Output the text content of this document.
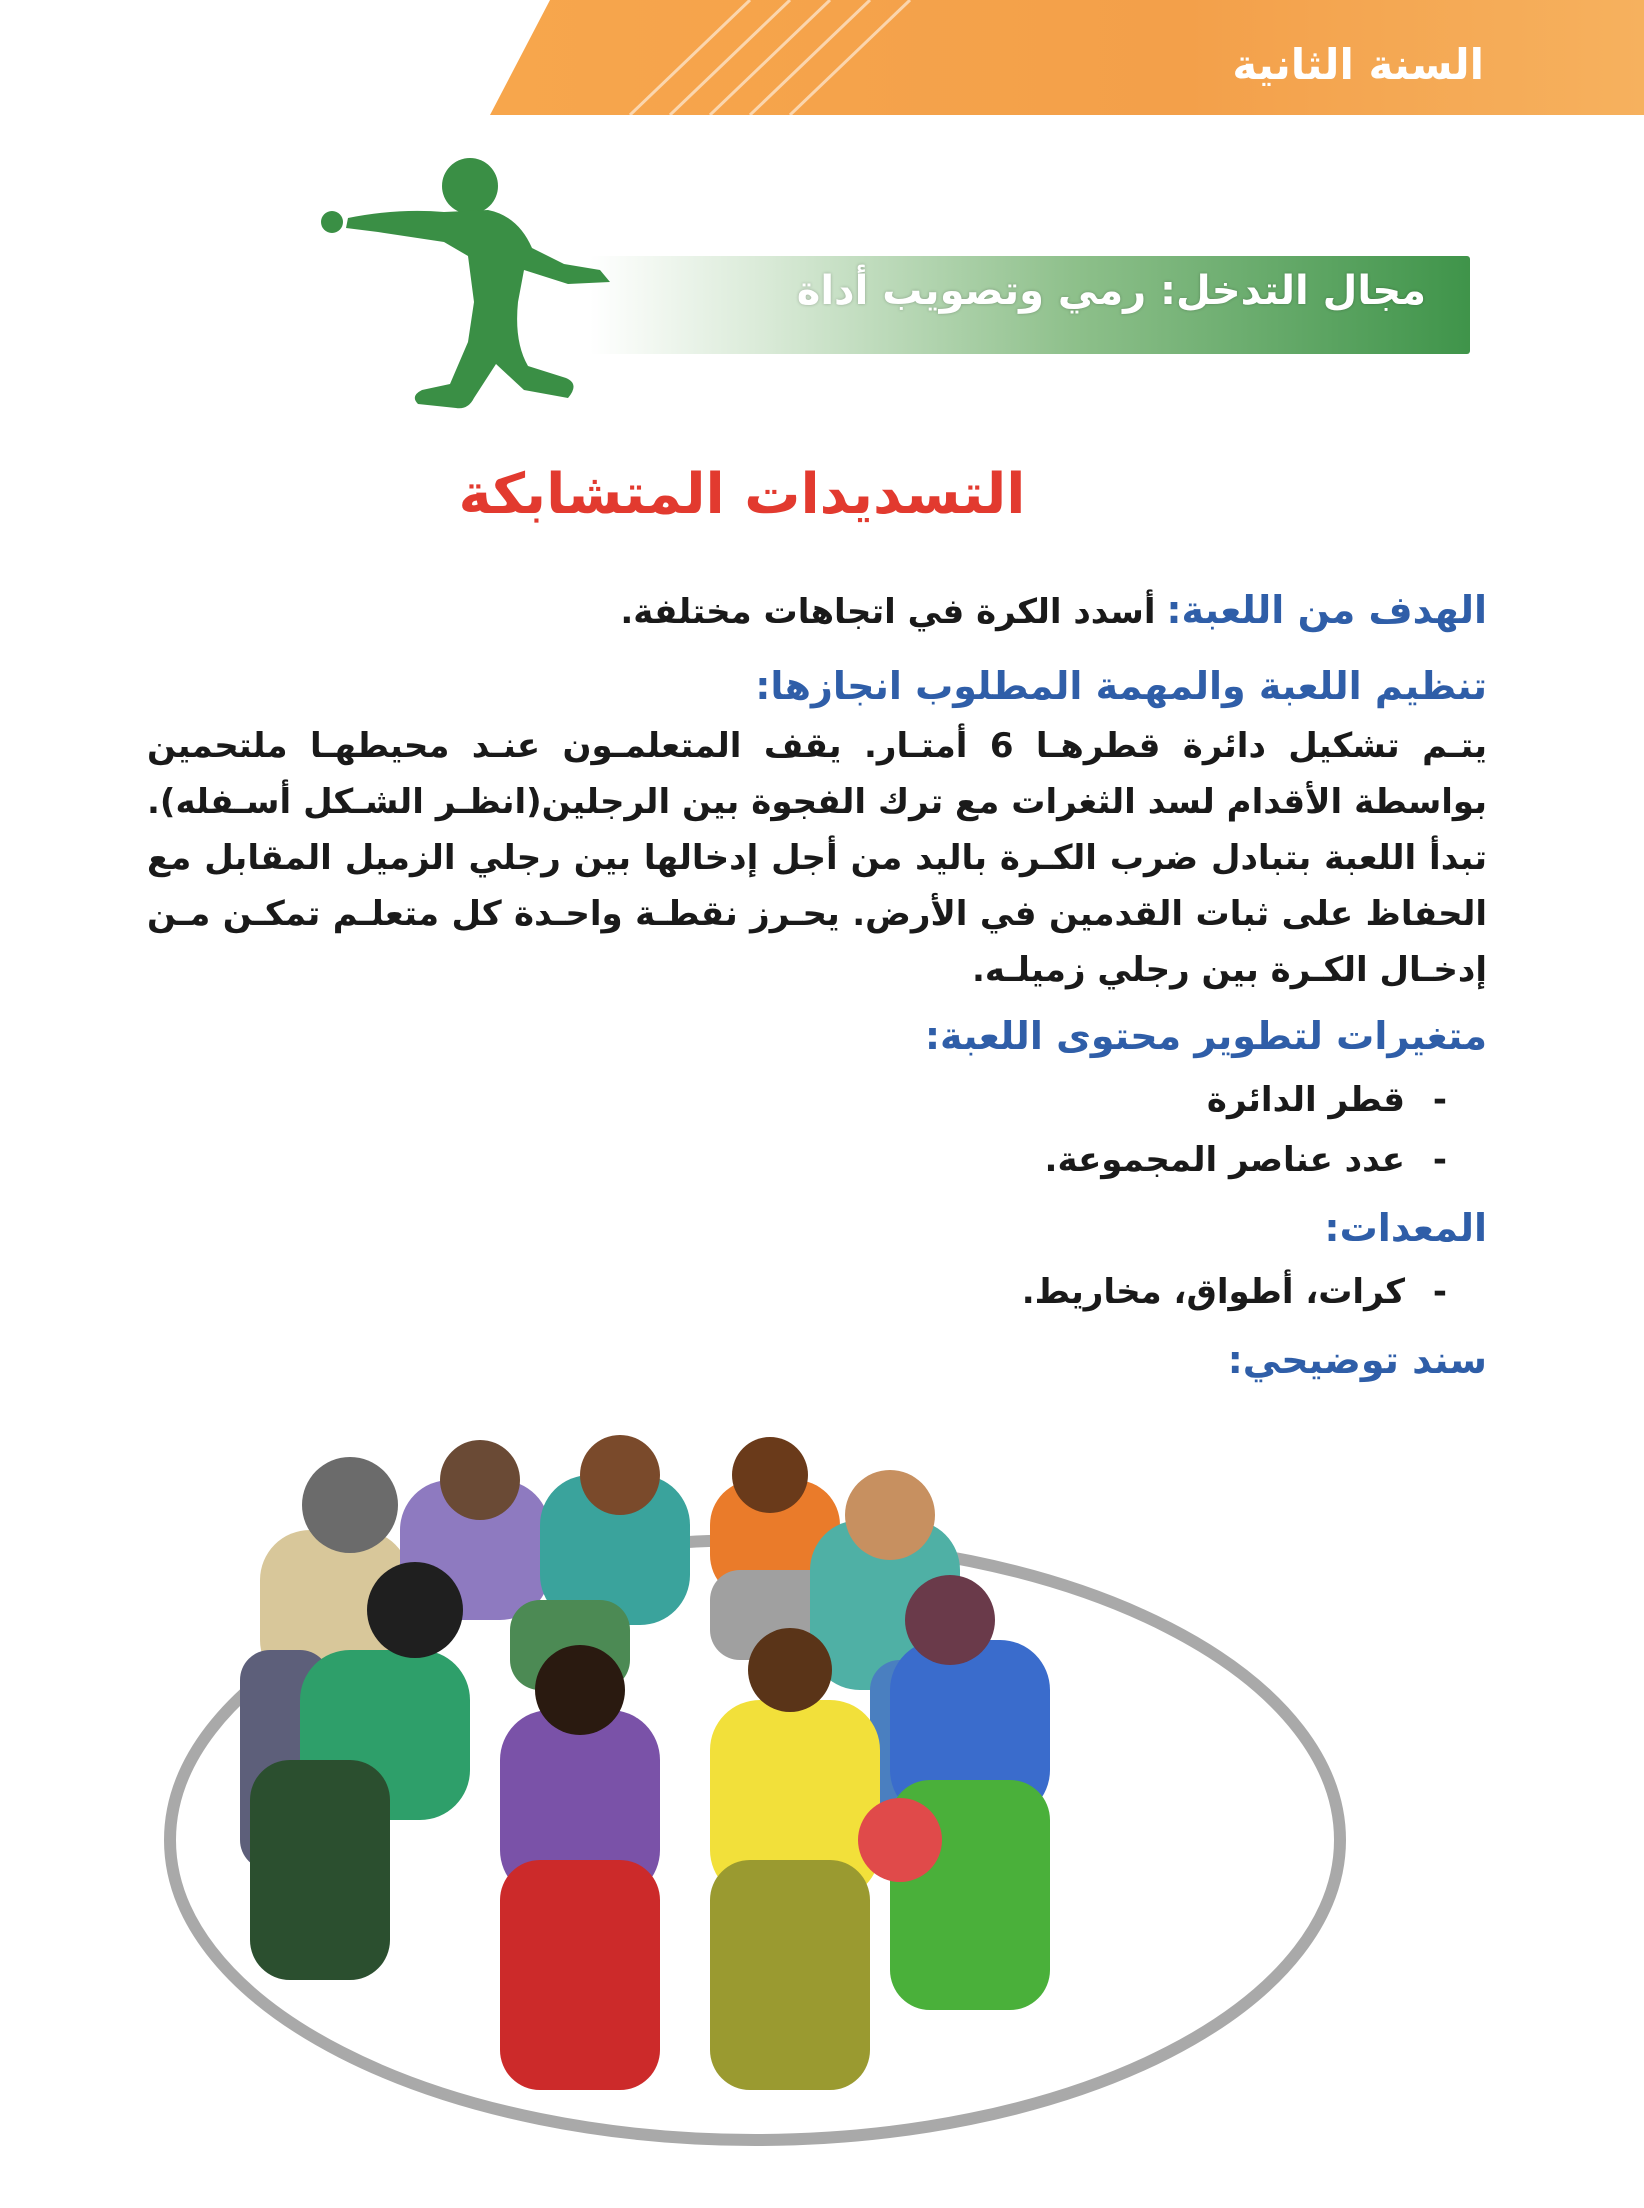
السنة الثانية
مجال التدخل: رمي وتصويب أداة
التسديدات المتشابكة

الهدف من اللعبة: أسدد الكرة في اتجاهات مختلفة.

تنظيم اللعبة والمهمة المطلوب انجازها:

يتـم تشكيل دائرة قطرهـا 6 أمتـار. يقف المتعلمـون عنـد محيطهـا ملتحمين بواسطة الأقدام لسد الثغرات مع ترك الفجوة بين الرجلين(انظـر الشـكل أسـفله). تبدأ اللعبة بتبادل ضرب الكـرة باليد من أجل إدخالها بين رجلي الزميل المقابل مع الحفاظ على ثبات القدمين في الأرض. يحـرز نقطـة واحـدة كل متعلـم تمكـن مـن إدخـال الكـرة بين رجلي زميلـه.

متغيرات لتطوير محتوى اللعبة:

-قطر الدائرة
-عدد عناصر المجموعة.

المعدات:

-كرات، أطواق، مخاريط.

سند توضيحي:
